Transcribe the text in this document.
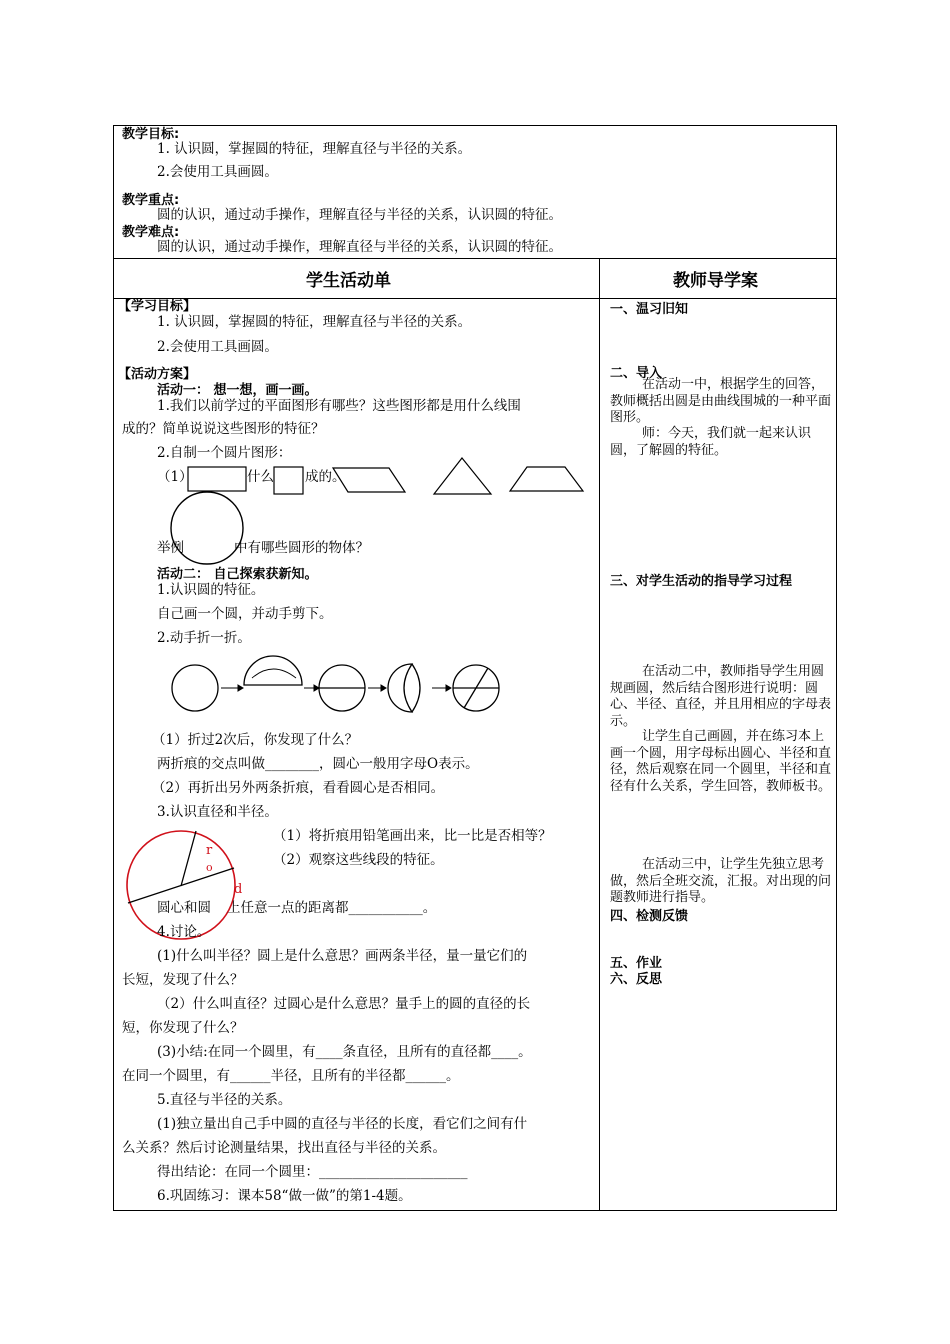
教学目标:
1. 认识圆，掌握圆的特征，理解直径与半径的关系。
2.会使用工具画圆。
教学重点:
圆的认识，通过动手操作，理解直径与半径的关系，认识圆的特征。
教学难点:
圆的认识，通过动手操作，理解直径与半径的关系，认识圆的特征。
学生活动单	教师导学案
【学习目标】
1. 认识圆，掌握圆的特征，理解直径与半径的关系。
2.会使用工具画圆。
【活动方案】
活动一： 想一想，画一画。
1.我们以前学过的平面图形有哪些？这些图形都是用什么线围
成的？简单说说这些图形的特征？
2.自制一个圆片图形：
（1）	什么 成的。
举例	中有哪些圆形的物体？
活动二： 自己探索获新知。
1.认识圆的特征。
自己画一个圆，并动手剪下。
2.动手折一折。
（1）折过2次后，你发现了什么？
两折痕的交点叫做________，圆心一般用字母O表示。
（2）再折出另外两条折痕，看看圆心是否相同。
3.认识直径和半径。
（1）将折痕用铅笔画出来，比一比是否相等？
（2）观察这些线段的特征。
r
o
d
圆心和圆 上任意一点的距离都___________。
4.讨论。
(1)什么叫半径？圆上是什么意思？画两条半径，量一量它们的
长短，发现了什么？
（2）什么叫直径？过圆心是什么意思？量手上的圆的直径的长
短，你发现了什么？
(3)小结:在同一个圆里，有____条直径，且所有的直径都____。
在同一个圆里，有______半径，且所有的半径都______。
5.直径与半径的关系。
(1)独立量出自己手中圆的直径与半径的长度，看它们之间有什
么关系？然后讨论测量结果，找出直径与半径的关系。
得出结论：在同一个圆里：______________________
6.巩固练习：课本58“做一做”的第1-4题。
一、温习旧知
二、导入
在活动一中，根据学生的回答，教师概括出圆是由曲线围城的一种平面图形。
师：今天，我们就一起来认识圆，了解圆的特征。
三、对学生活动的指导学习过程
在活动二中，教师指导学生用圆规画圆，然后结合图形进行说明：圆心、半径、直径，并且用相应的字母表示。
让学生自己画圆，并在练习本上画一个圆，用字母标出圆心、半径和直径，然后观察在同一个圆里，半径和直径有什么关系，学生回答，教师板书。
在活动三中，让学生先独立思考做，然后全班交流，汇报。对出现的问题教师进行指导。
四、检测反馈
五、作业
六、反思
